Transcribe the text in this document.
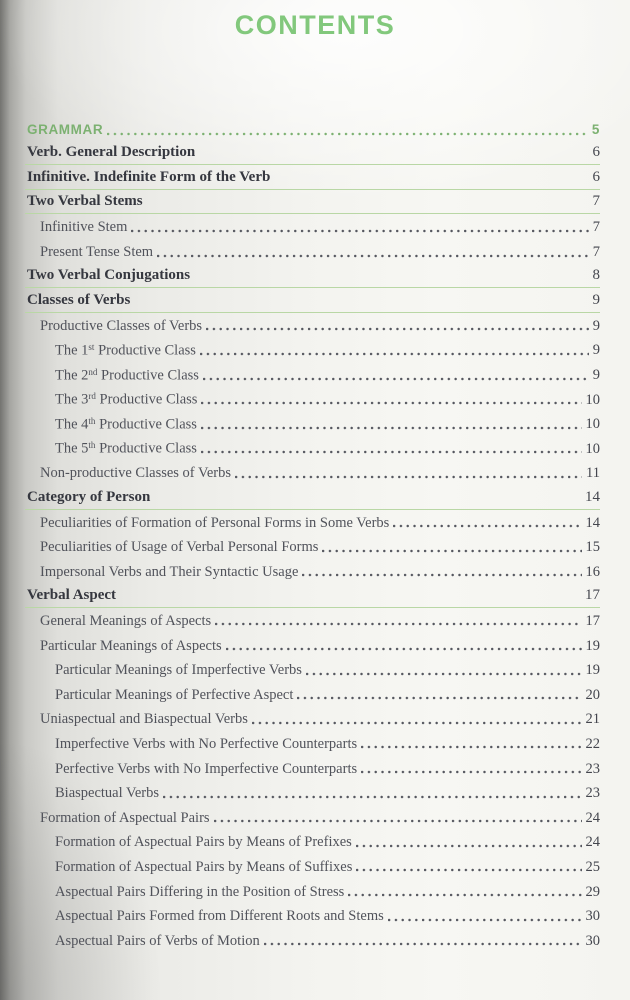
CONTENTS
GRAMMAR	5
Verb. General Description	6
Infinitive. Indefinite Form of the Verb	6
Two Verbal Stems	7
Infinitive Stem	7
Present Tense Stem	7
Two Verbal Conjugations	8
Classes of Verbs	9
Productive Classes of Verbs	9
The 1st Productive Class	9
The 2nd Productive Class	9
The 3rd Productive Class	10
The 4th Productive Class	10
The 5th Productive Class	10
Non-productive Classes of Verbs	11
Category of Person	14
Peculiarities of Formation of Personal Forms in Some Verbs	14
Peculiarities of Usage of Verbal Personal Forms	15
Impersonal Verbs and Their Syntactic Usage	16
Verbal Aspect	17
General Meanings of Aspects	17
Particular Meanings of Aspects	19
Particular Meanings of Imperfective Verbs	19
Particular Meanings of Perfective Aspect	20
Uniaspectual and Biaspectual Verbs	21
Imperfective Verbs with No Perfective Counterparts	22
Perfective Verbs with No Imperfective Counterparts	23
Biaspectual Verbs	23
Formation of Aspectual Pairs	24
Formation of Aspectual Pairs by Means of Prefixes	24
Formation of Aspectual Pairs by Means of Suffixes	25
Aspectual Pairs Differing in the Position of Stress	29
Aspectual Pairs Formed from Different Roots and Stems	30
Aspectual Pairs of Verbs of Motion	30
